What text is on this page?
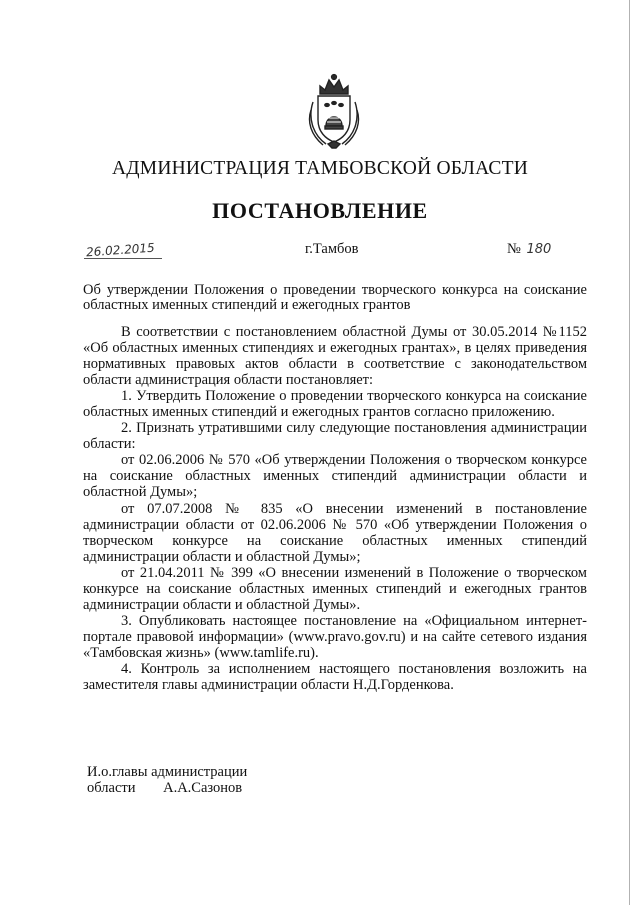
АДМИНИСТРАЦИЯ ТАМБОВСКОЙ ОБЛАСТИ
ПОСТАНОВЛЕНИЕ
26.02.2015	г.Тамбов	№ 180
Об утверждении Положения о проведении творческого конкурса на соискание областных именных стипендий и ежегодных грантов

В соответствии с постановлением областной Думы от 30.05.2014 №1152 «Об областных именных стипендиях и ежегодных грантах», в целях приведения нормативных правовых актов области в соответствие с законодательством области администрация области постановляет:

1. Утвердить Положение о проведении творческого конкурса на соискание областных именных стипендий и ежегодных грантов согласно приложению.

2. Признать утратившими силу следующие постановления администрации области:

от 02.06.2006 № 570 «Об утверждении Положения о творческом конкурсе на соискание областных именных стипендий администрации области и областной Думы»;

от 07.07.2008 № 835 «О внесении изменений в постановление администрации области от 02.06.2006 № 570 «Об утверждении Положения о творческом конкурсе на соискание областных именных стипендий администрации области и областной Думы»;

от 21.04.2011 № 399 «О внесении изменений в Положение о творческом конкурсе на соискание областных именных стипендий и ежегодных грантов администрации области и областной Думы».

3. Опубликовать настоящее постановление на «Официальном интернет-портале правовой информации» (www.pravo.gov.ru) и на сайте сетевого издания «Тамбовская жизнь» (www.tamlife.ru).

4. Контроль за исполнением настоящего постановления возложить на заместителя главы администрации области Н.Д.Горденкова.

И.о.главы администрации
области А.А.Сазонов
